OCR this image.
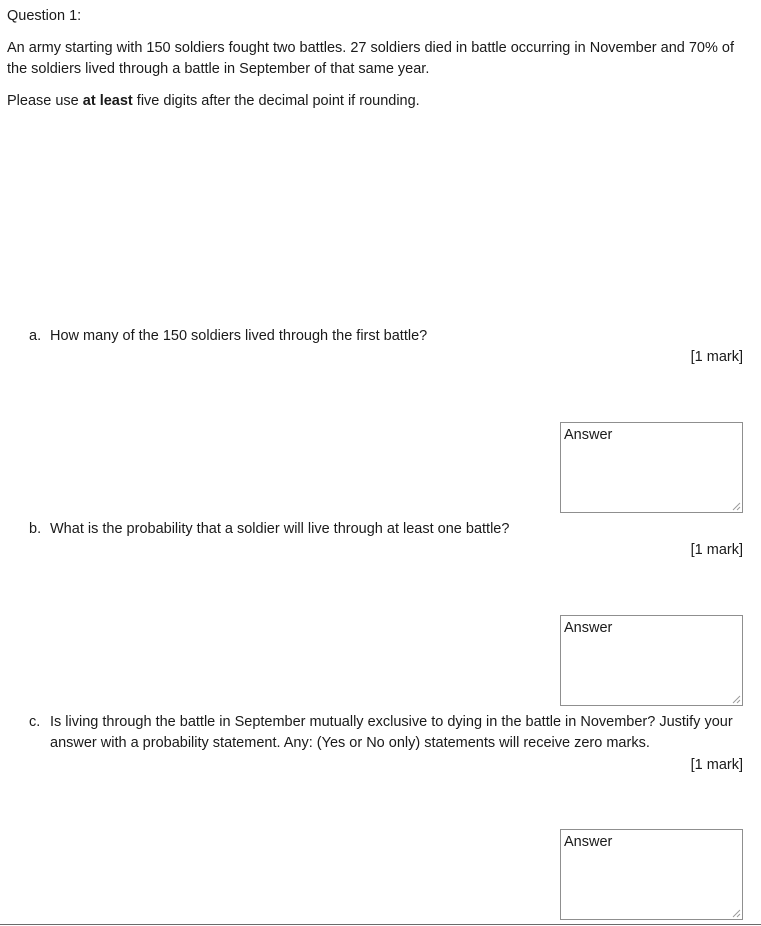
Question 1:

An army starting with 150 soldiers fought two battles. 27 soldiers died in battle occurring in November and 70% of the soldiers lived through a battle in September of that same year.

Please use at least five digits after the decimal point if rounding.

a. How many of the 150 soldiers lived through the first battle?
[1 mark]
Answer
b. What is the probability that a soldier will live through at least one battle?
[1 mark]
Answer
c. Is living through the battle in September mutually exclusive to dying in the battle in November? Justify your answer with a probability statement. Any: (Yes or No only) statements will receive zero marks.
[1 mark]
Answer
